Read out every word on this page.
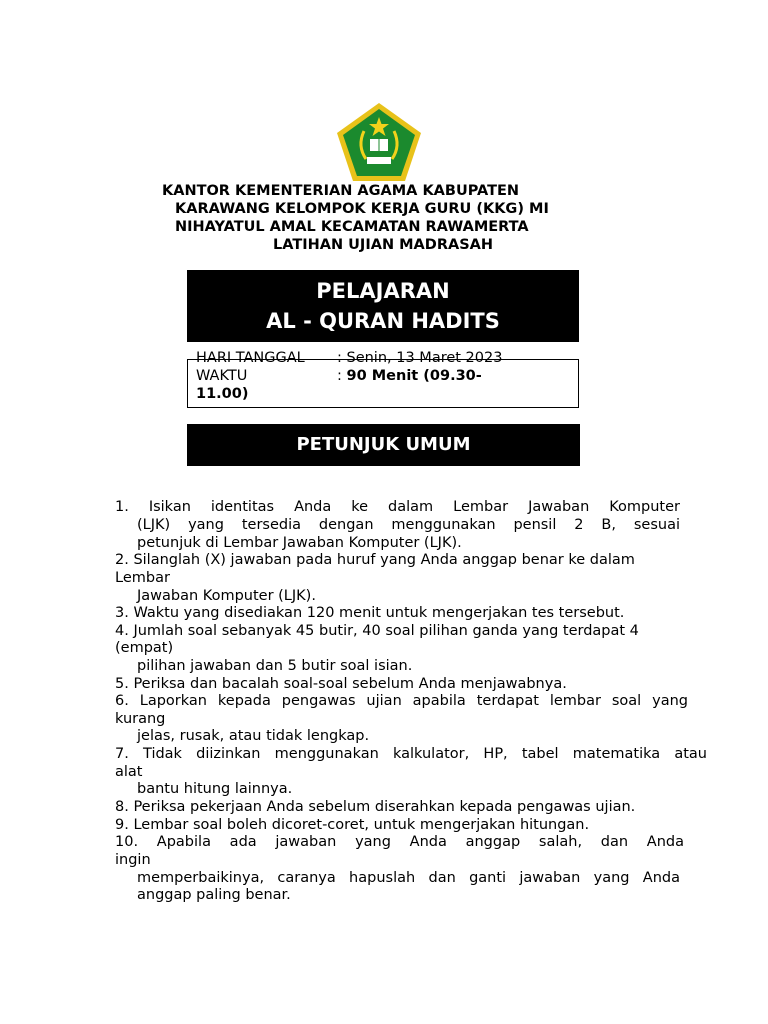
KANTOR KEMENTERIAN AGAMA KABUPATEN
KARAWANG KELOMPOK KERJA GURU (KKG) MI
NIHAYATUL AMAL KECAMATAN RAWAMERTA
LATIHAN UJIAN MADRASAH
PELAJARAN
AL - QURAN HADITS
HARI TANGGAL : Senin, 13 Maret 2023
WAKTU	: 90 Menit (09.30-
11.00)
PETUNJUK UMUM
1. Isikan identitas Anda ke dalam Lembar Jawaban Komputer
(LJK) yang tersedia dengan menggunakan pensil 2 B, sesuai
petunjuk di Lembar Jawaban Komputer (LJK).
2. Silanglah (X) jawaban pada huruf yang Anda anggap benar ke dalam
Lembar
Jawaban Komputer (LJK).
3. Waktu yang disediakan 120 menit untuk mengerjakan tes tersebut.
4. Jumlah soal sebanyak 45 butir, 40 soal pilihan ganda yang terdapat 4
(empat)
pilihan jawaban dan 5 butir soal isian.
5. Periksa dan bacalah soal-soal sebelum Anda menjawabnya.
6. Laporkan kepada pengawas ujian apabila terdapat lembar soal yang
kurang
jelas, rusak, atau tidak lengkap.
7. Tidak diizinkan menggunakan kalkulator, HP, tabel matematika atau
alat
bantu hitung lainnya.
8. Periksa pekerjaan Anda sebelum diserahkan kepada pengawas ujian.
9. Lembar soal boleh dicoret-coret, untuk mengerjakan hitungan.
10. Apabila ada jawaban yang Anda anggap salah, dan Anda
ingin
memperbaikinya, caranya hapuslah dan ganti jawaban yang Anda
anggap paling benar.
